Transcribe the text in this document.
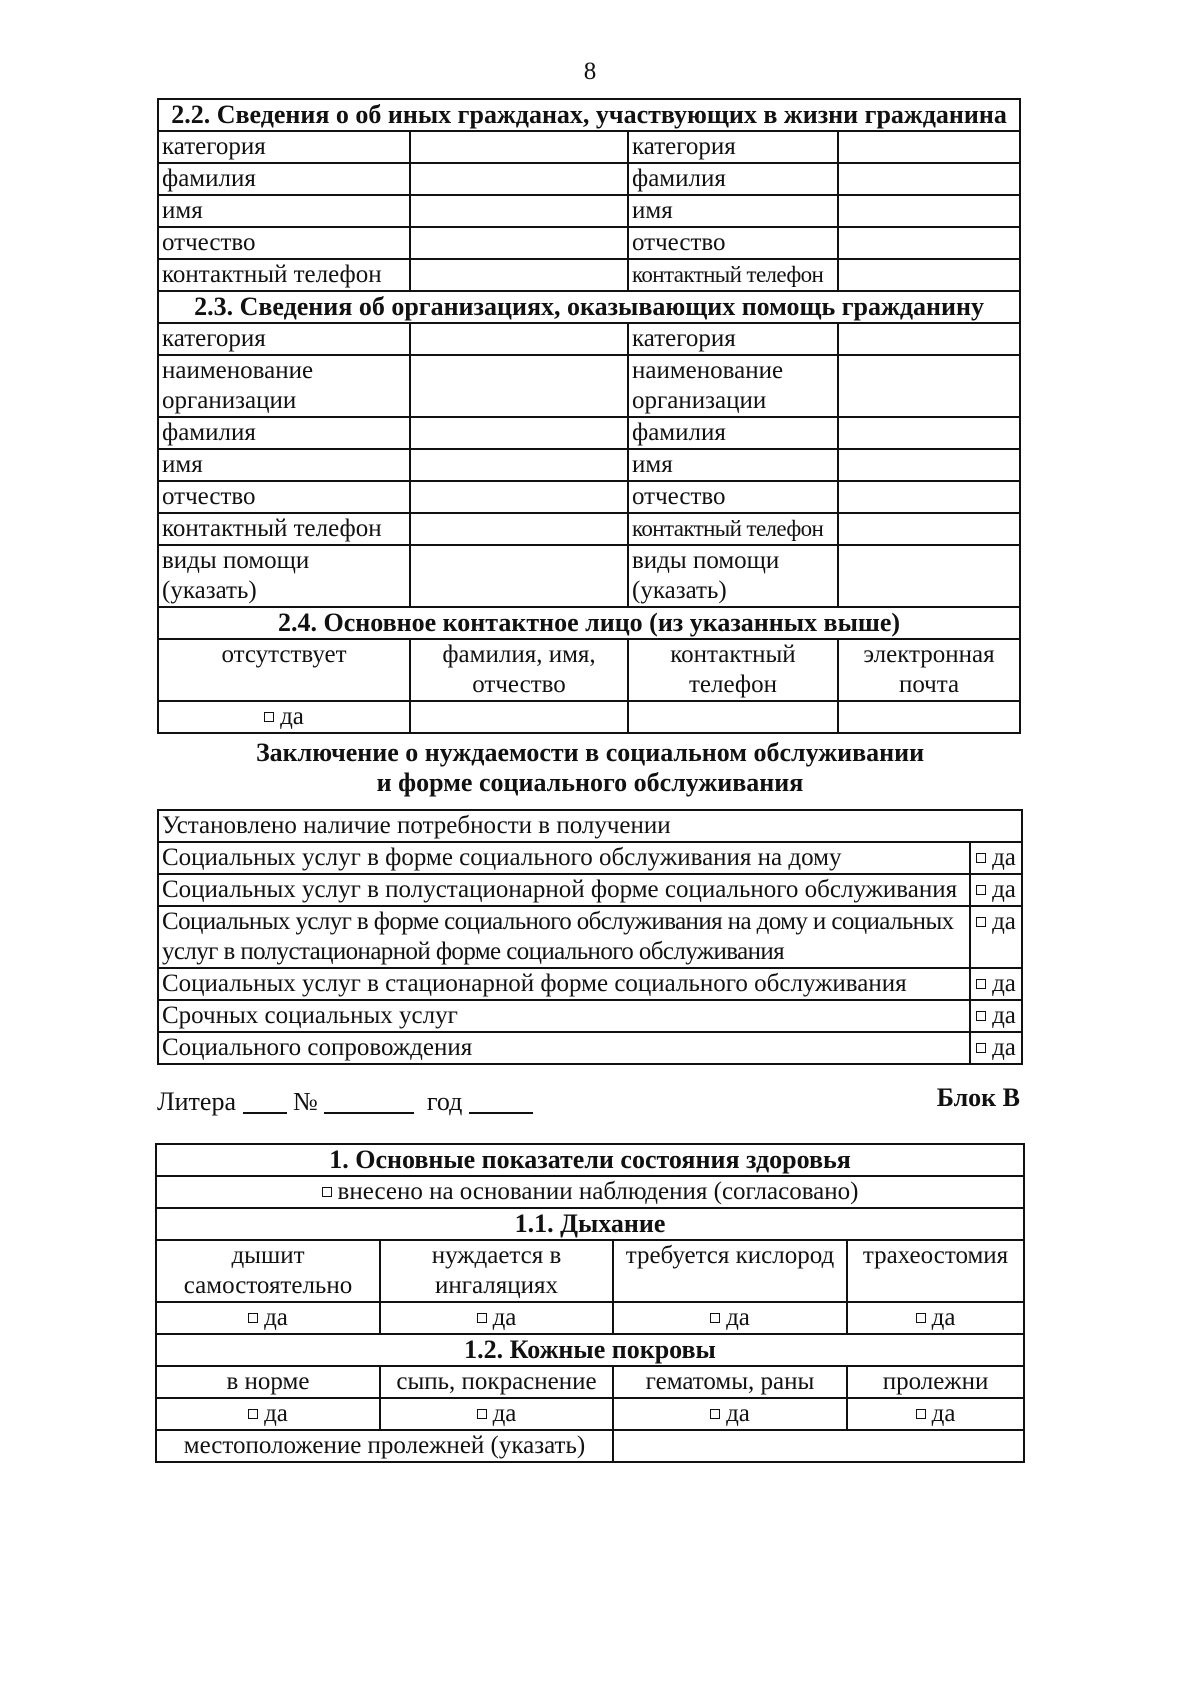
8
2.2. Сведения о об иных гражданах, участвующих в жизни гражданина			
категория		категория	
фамилия		фамилия	
имя		имя	
отчество		отчество	
контактный телефон		контактный телефон	
2.3. Сведения об организациях, оказывающих помощь гражданину			
категория		категория	
наименование организации		наименование организации	
фамилия		фамилия	
имя		имя	
отчество		отчество	
контактный телефон		контактный телефон	
виды помощи (указать)		виды помощи (указать)	
2.4. Основное контактное лицо (из указанных выше)			
отсутствует	фамилия, имя, отчество	контактный телефон	электронная почта
да			
Заключение о нуждаемости в социальном обслуживании
и форме социального обслуживания
Установлено наличие потребности в получении	
Социальных услуг в форме социального обслуживания на дому	да
Социальных услуг в полустационарной форме социального обслуживания	да
Социальных услуг в форме социального обслуживания на дому и социальных услуг в полустационарной форме социального обслуживания	да
Социальных услуг в стационарной форме социального обслуживания	да
Срочных социальных услуг	да
Социального сопровождения	да
Литера №	год	Блок В
1. Основные показатели состояния здоровья			
внесено на основании наблюдения (согласовано)			
1.1. Дыхание			
дышит самостоятельно	нуждается в ингаляциях	требуется кислород	трахеостомия
да	да	да	да
1.2. Кожные покровы			
в норме	сыпь, покраснение	гематомы, раны	пролежни
да	да	да	да
местоположение пролежней (указать)			
